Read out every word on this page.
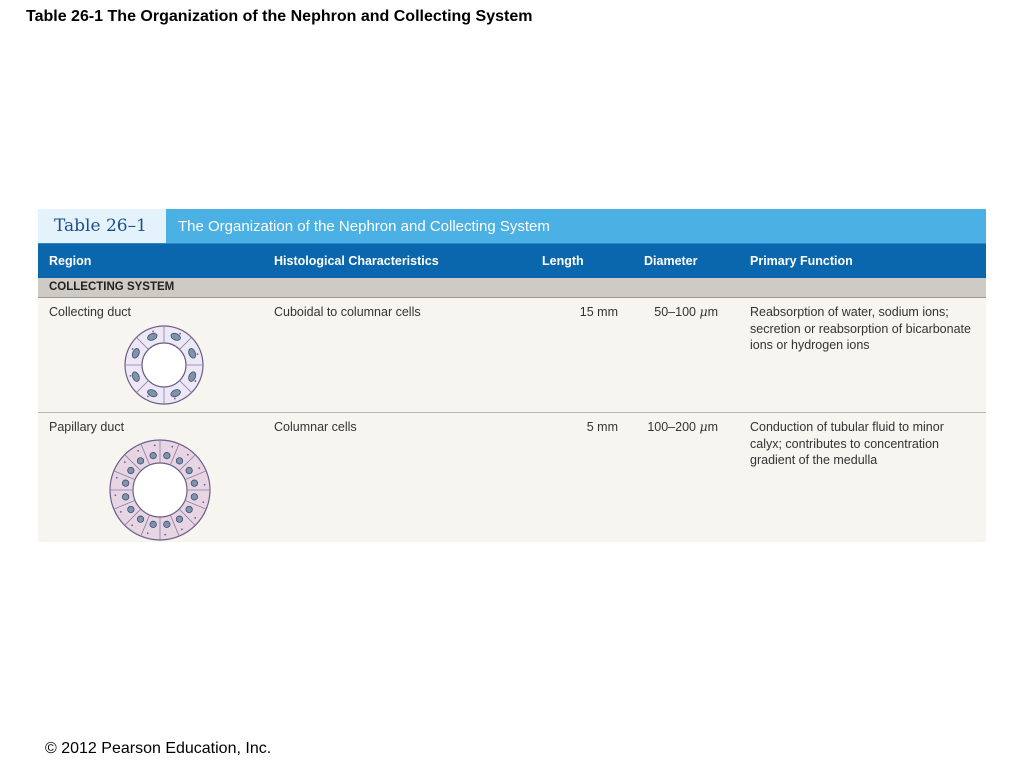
Table 26-1 The Organization of the Nephron and Collecting System
Table 26–1 The Organization of the Nephron and Collecting System
Region	Histological Characteristics	Length	Diameter	Primary Function
COLLECTING SYSTEM
Collecting duct	Cuboidal to columnar cells	15 mm	50–100 μm	Reabsorption of water, sodium ions; secretion or reabsorption of bicarbonate ions or hydrogen ions
Papillary duct	Columnar cells	5 mm	100–200 μm	Conduction of tubular fluid to minor calyx; contributes to concentration gradient of the medulla
© 2012 Pearson Education, Inc.
